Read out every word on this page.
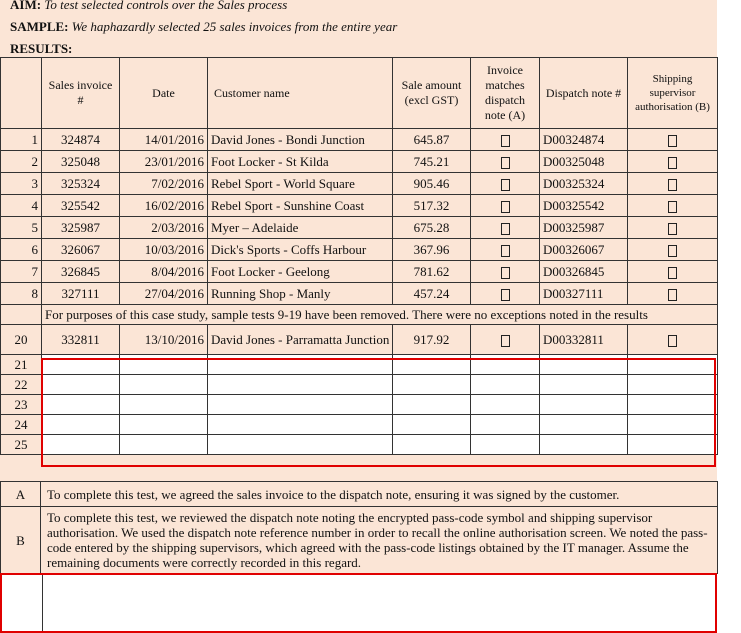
AIM: To test selected controls over the Sales process
SAMPLE: We haphazardly selected 25 sales invoices from the entire year
RESULTS:
	Sales invoice #	Date	Customer name	Sale amount (excl GST)	Invoice matches dispatch note (A)	Dispatch note #	Shipping supervisor authorisation (B)
1	324874	14/01/2016	David Jones - Bondi Junction	645.87		D00324874	
2	325048	23/01/2016	Foot Locker - St Kilda	745.21		D00325048	
3	325324	7/02/2016	Rebel Sport - World Square	905.46		D00325324	
4	325542	16/02/2016	Rebel Sport - Sunshine Coast	517.32		D00325542	
5	325987	2/03/2016	Myer – Adelaide	675.28		D00325987	
6	326067	10/03/2016	Dick's Sports - Coffs Harbour	367.96		D00326067	
7	326845	8/04/2016	Foot Locker - Geelong	781.62		D00326845	
8	327111	27/04/2016	Running Shop - Manly	457.24		D00327111	
	For purposes of this case study, sample tests 9-19 have been removed. There were no exceptions noted in the results						
20	332811	13/10/2016	David Jones - Parramatta Junction	917.92		D00332811	
21							
22							
23							
24							
25							
A	To complete this test, we agreed the sales invoice to the dispatch note, ensuring it was signed by the customer.
B	To complete this test, we reviewed the dispatch note noting the encrypted pass-code symbol and shipping supervisor authorisation. We used the dispatch note reference number in order to recall the online authorisation screen. We noted the pass-code entered by the shipping supervisors, which agreed with the pass-code listings obtained by the IT manager. Assume the remaining documents were correctly recorded in this regard.
